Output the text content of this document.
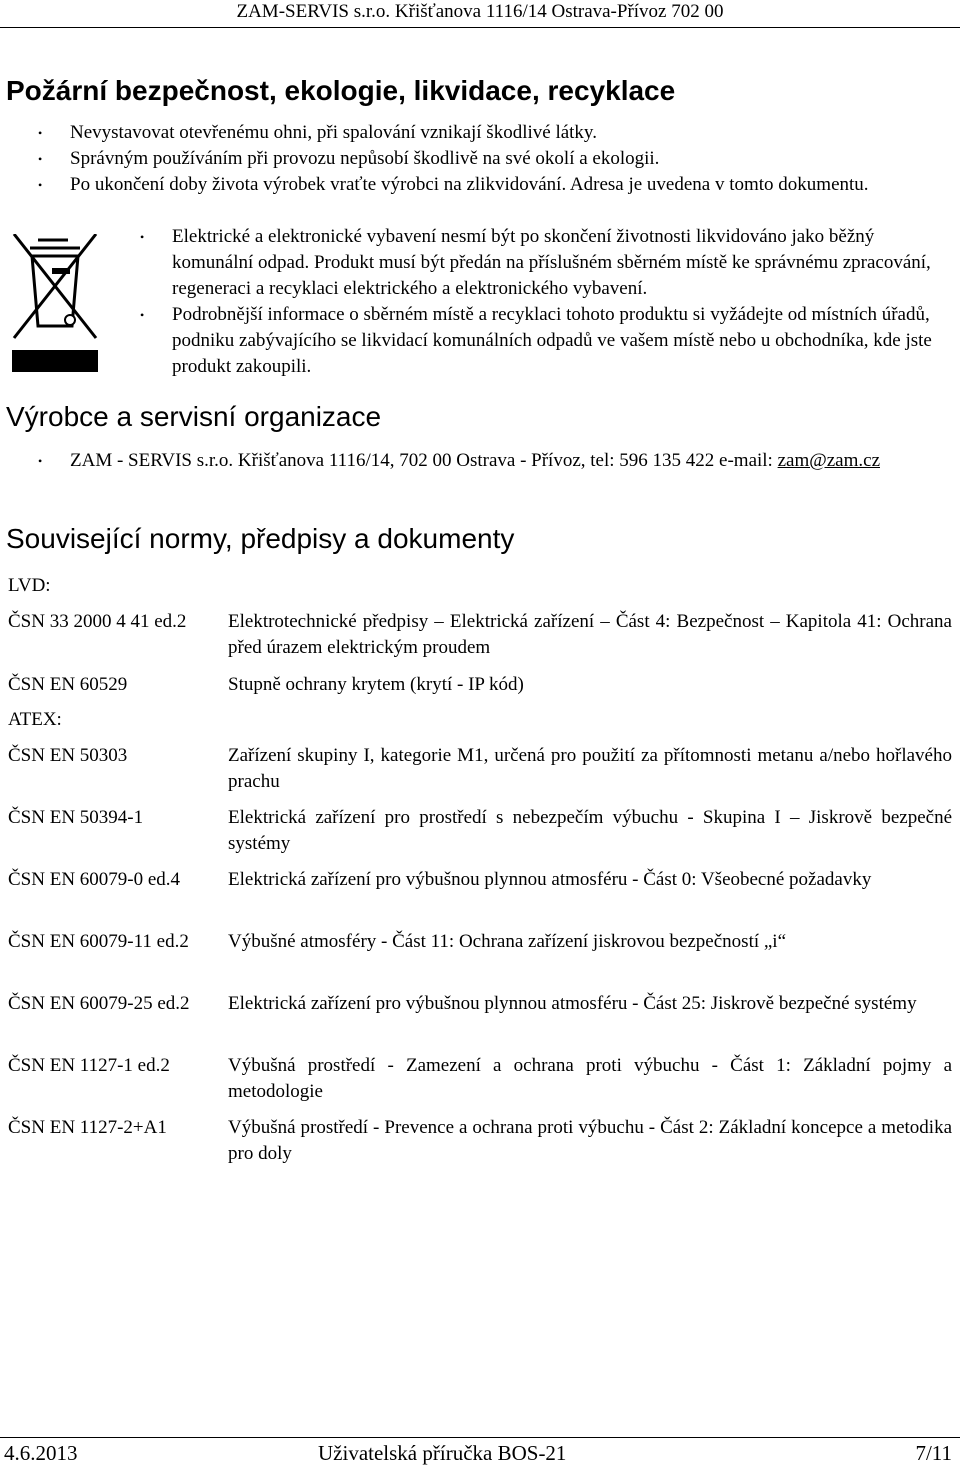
ZAM-SERVIS s.r.o. Křišťanova 1116/14 Ostrava-Přívoz 702 00
Požární bezpečnost, ekologie, likvidace, recyklace
• Nevystavovat otevřenému ohni, při spalování vznikají škodlivé látky.
• Správným používáním při provozu nepůsobí škodlivě na své okolí a ekologii.
• Po ukončení doby života výrobek vraťte výrobci na zlikvidování. Adresa je uvedena v tomto dokumentu.
• Elektrické a elektronické vybavení nesmí být po skončení životnosti likvidováno jako běžný komunální odpad. Produkt musí být předán na příslušném sběrném místě ke správnému zpracování, regeneraci a recyklaci elektrického a elektronického vybavení.
• Podrobnější informace o sběrném místě a recyklaci tohoto produktu si vyžádejte od místních úřadů, podniku zabývajícího se likvidací komunálních odpadů ve vašem místě nebo u obchodníka, kde jste produkt zakoupili.
Výrobce a servisní organizace
• ZAM - SERVIS s.r.o. Křišťanova 1116/14, 702 00 Ostrava - Přívoz, tel: 596 135 422 e-mail: zam@zam.cz
Související normy, předpisy a dokumenty
LVD:
ČSN 33 2000 4 41 ed.2	Elektrotechnické předpisy – Elektrická zařízení – Část 4: Bezpečnost – Kapitola 41: Ochrana před úrazem elektrickým proudem
ČSN EN 60529	Stupně ochrany krytem (krytí - IP kód)
ATEX:
ČSN EN 50303	Zařízení skupiny I, kategorie M1, určená pro použití za přítomnosti metanu a/nebo hořlavého prachu
ČSN EN 50394-1	Elektrická zařízení pro prostředí s nebezpečím výbuchu - Skupina I – Jiskrově bezpečné systémy
ČSN EN 60079-0 ed.4	Elektrická zařízení pro výbušnou plynnou atmosféru - Část 0: Všeobecné požadavky
ČSN EN 60079-11 ed.2	Výbušné atmosféry - Část 11: Ochrana zařízení jiskrovou bezpečností „i“
ČSN EN 60079-25 ed.2	Elektrická zařízení pro výbušnou plynnou atmosféru - Část 25: Jiskrově bezpečné systémy
ČSN EN 1127-1 ed.2	Výbušná prostředí - Zamezení a ochrana proti výbuchu - Část 1: Základní pojmy a metodologie
ČSN EN 1127-2+A1	Výbušná prostředí - Prevence a ochrana proti výbuchu - Část 2: Základní koncepce a metodika pro doly
4.6.2013	Uživatelská příručka BOS-21	7/11
